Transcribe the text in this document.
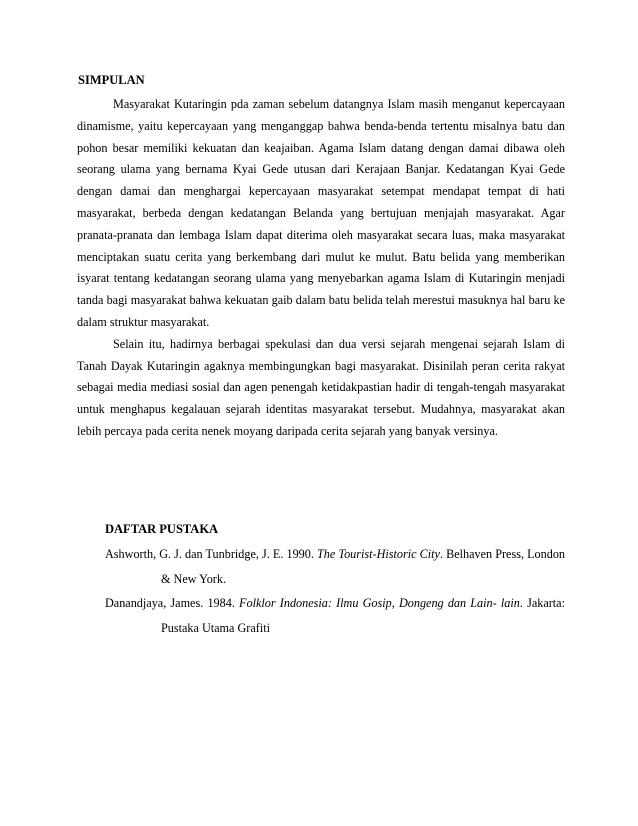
SIMPULAN

Masyarakat Kutaringin pda zaman sebelum datangnya Islam masih menganut kepercayaan dinamisme, yaitu kepercayaan yang menganggap bahwa benda-benda tertentu misalnya batu dan pohon besar memiliki kekuatan dan keajaiban. Agama Islam datang dengan damai dibawa oleh seorang ulama yang bernama Kyai Gede utusan dari Kerajaan Banjar. Kedatangan Kyai Gede dengan damai dan menghargai kepercayaan masyarakat setempat mendapat tempat di hati masyarakat, berbeda dengan kedatangan Belanda yang bertujuan menjajah masyarakat. Agar pranata-pranata dan lembaga Islam dapat diterima oleh masyarakat secara luas, maka masyarakat menciptakan suatu cerita yang berkembang dari mulut ke mulut. Batu belida yang memberikan isyarat tentang kedatangan seorang ulama yang menyebarkan agama Islam di Kutaringin menjadi tanda bagi masyarakat bahwa kekuatan gaib dalam batu belida telah merestui masuknya hal baru ke dalam struktur masyarakat.

Selain itu, hadirnya berbagai spekulasi dan dua versi sejarah mengenai sejarah Islam di Tanah Dayak Kutaringin agaknya membingungkan bagi masyarakat. Disinilah peran cerita rakyat sebagai media mediasi sosial dan agen penengah ketidakpastian hadir di tengah-tengah masyarakat untuk menghapus kegalauan sejarah identitas masyarakat tersebut. Mudahnya, masyarakat akan lebih percaya pada cerita nenek moyang daripada cerita sejarah yang banyak versinya.

DAFTAR PUSTAKA

Ashworth, G. J. dan Tunbridge, J. E. 1990. The Tourist-Historic City. Belhaven Press, London & New York.

Danandjaya, James. 1984. Folklor Indonesia: Ilmu Gosip, Dongeng dan Lain- lain. Jakarta: Pustaka Utama Grafiti
